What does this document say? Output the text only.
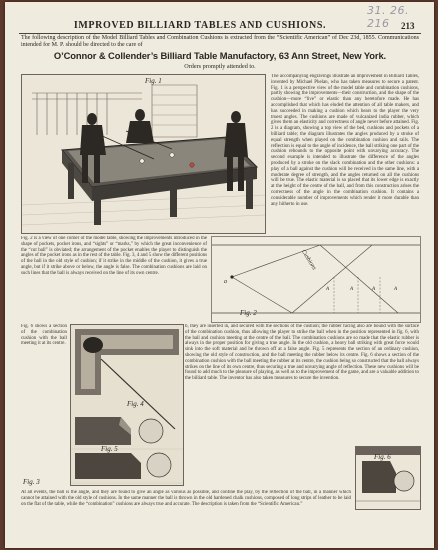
31. 26. 216
IMPROVED BILLIARD TABLES AND CUSHIONS.	213
The following description of the Model Billiard Tables and Combination Cushions is extracted from the “Scientific American” of Dec 23d, 1855. Communications intended for M. P. should be directed to the care of
O’Connor & Collender’s Billiard Table Manufactory, 63 Ann Street, New York.
Orders promptly attended to.
Fig. 1
The accompanying engravings illustrate an improvement in Billiard Tables, invented by Michael Phelan, who has taken measures to secure a patent. Fig. 1 is a perspective view of the model table and combination cushions, partly showing the improvements—their construction, and the shape of the cushion—more “live” or elastic than any heretofore made. He has accomplished that which has eluded the attention of all table makers, and has succeeded in making a cushion which bears to the player the very truest angles. The cushions are made of vulcanized india rubber, which gives them an elasticity and correctness of angle never before attained. Fig. 2 is a diagram, showing a top view of the bed, cushions and pockets of a billiard table; the diagram illustrates the angles produced by a stroke of equal strength when played on the combination cushion and rails. The reflection is equal to the angle of incidence, the ball striking one part of the cushion rebounds to the opposite point with unvarying accuracy. The second example is intended to illustrate the difference of the angles produced by a stroke on the slack combination and the other cushions: a play of a ball against the cushion will be received in the same line, with a moderate degree of strength, and the angles returned on all the cushions will be true. The elastic material is so placed that its lower edge is exactly at the height of the centre of the ball, and from this construction arises the correctness of the angle in the combination cushion. It contains a considerable number of improvements which render it more durable than any hitherto in use.
Fig. 2 is a view of one corner of the model table, showing the improvements introduced in the shape of pockets, pocket irons, and “sights” or “marks,” by which the great inconvenience of the “cut ball” is obviated; the arrangement of the pocket enables the player to distinguish the angles of the pocket irons as in the rest of the table. Fig. 3, 4 and 5 show the different positions of the ball in the old style of cushion; if it strike in the middle of the cushion, it gives a true angle, but if it strike above or below, the angle is false. The combination cushions are laid on such lines that the ball is always received on the line of its own centre.
a
Cushions
A	A	A	A
Fig. 2
Fig. 4
Fig. 5
Fig. 3
Fig. 6 shows a section of the combination cushion with the ball meeting it at its centre.
b, they are inserted in, and secured with the sections of the cushion; the rubber facing also are bound with the surface of the combination cushion, thus allowing the player to strike the ball when in the position represented in fig. 6, with the ball and cushion meeting at the centre of the ball. The combination cushions are so made that the elastic rubber is always in the proper position for giving a true angle. In the old cushion, a heavy ball striking with great force would sink into the soft material and be thrown off at a false angle. Fig. 5 represents the section of an ordinary cushion, showing the old style of construction, and the ball meeting the rubber below its centre. Fig. 6 shows a section of the combination cushion with the ball meeting the rubber at its centre, the cushion being so constructed that the ball always strikes on the line of its own centre, thus securing a true and unvarying angle of reflection. These new cushions will be found to add much to the pleasure of playing, as well as to the improvement of the game, and are a valuable addition to the billiard table. The inventor has also taken measures to secure the invention.
Fig. 6
At all events, the ball is the angle, and they are found to give an angle as various as possible, and confine the play, by the reflection of the ball, in a manner which cannot be attained with the old style of cushions. In the same manner the ball is thrown in the old hardened chalk cushions, composed of long strips of leather to be laid on the flat of the table, while the “combination” cushions are always true and accurate. The description is taken from the “Scientific American.”
